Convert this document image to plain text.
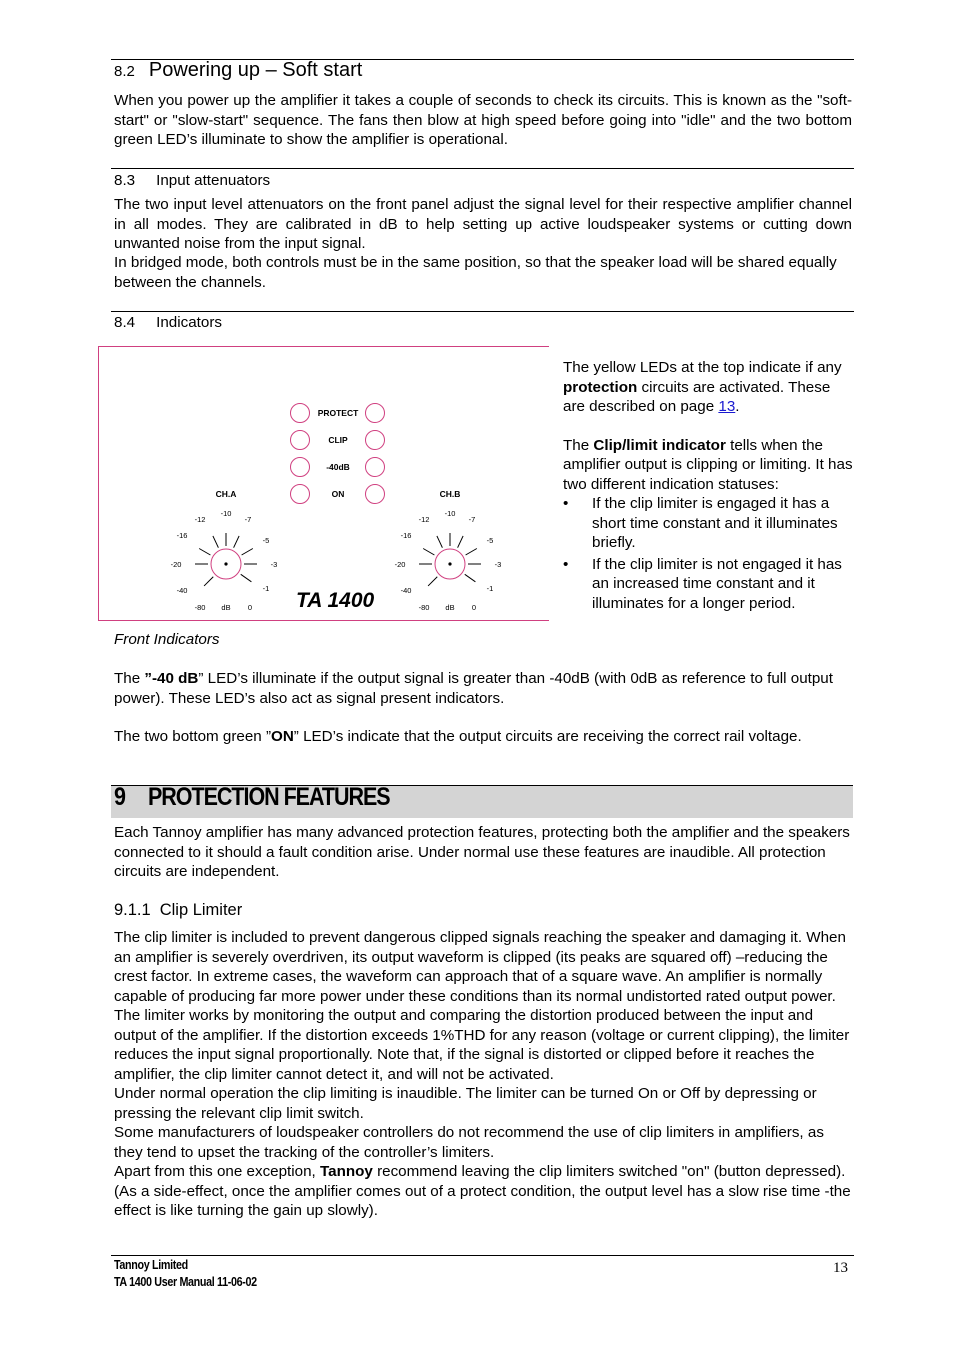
8.2 Powering up – Soft start

When you power up the amplifier it takes a couple of seconds to check its circuits. This is known as the "soft-start" or "slow-start" sequence. The fans then blow at high speed before going into "idle" and the two bottom green LED’s illuminate to show the amplifier is operational.

8.3 Input attenuators

The two input level attenuators on the front panel adjust the signal level for their respective amplifier channel in all modes. They are calibrated in dB to help setting up active loudspeaker systems or cutting down unwanted noise from the input signal.

In bridged mode, both controls must be in the same position, so that the speaker load will be shared equally between the channels.

8.4 Indicators
PROTECT
CLIP
-40dB
ON
CH.A	CH.B
-12
-10
-7
-16
-5
-20	-3
-40	-1
-80 dB 0
-12
-10
-7
-16
-5
-20	-3
-40	-1
-80 dB 0
TA 1400

The yellow LEDs at the top indicate if any protection circuits are activated. These are described on page 13.

The Clip/limit indicator tells when the amplifier output is clipping or limiting. It has two different indication statuses:

• If the clip limiter is engaged it has a short time constant and it illuminates briefly.
• If the clip limiter is not engaged it has an increased time constant and it illuminates for a longer period.
Front Indicators

The ”-40 dB” LED’s illuminate if the output signal is greater than -40dB (with 0dB as reference to full output power). These LED’s also act as signal present indicators.

The two bottom green ”ON” LED’s indicate that the output circuits are receiving the correct rail voltage.

9 PROTECTION FEATURES

Each Tannoy amplifier has many advanced protection features, protecting both the amplifier and the speakers connected to it should a fault condition arise. Under normal use these features are inaudible. All protection circuits are independent.

9.1.1 Clip Limiter
The clip limiter is included to prevent dangerous clipped signals reaching the speaker and damaging it. When an amplifier is severely overdriven, its output waveform is clipped (its peaks are squared off) –reducing the crest factor. In extreme cases, the waveform can approach that of a square wave. An amplifier is normally capable of producing far more power under these conditions than its normal undistorted rated output power.
The limiter works by monitoring the output and comparing the distortion produced between the input and output of the amplifier. If the distortion exceeds 1%THD for any reason (voltage or current clipping), the limiter reduces the input signal proportionally. Note that, if the signal is distorted or clipped before it reaches the amplifier, the clip limiter cannot detect it, and will not be activated.
Under normal operation the clip limiting is inaudible. The limiter can be turned On or Off by depressing or pressing the relevant clip limit switch.
Some manufacturers of loudspeaker controllers do not recommend the use of clip limiters in amplifiers, as they tend to upset the tracking of the controller’s limiters.
Apart from this one exception, Tannoy recommend leaving the clip limiters switched "on" (button depressed). (As a side-effect, once the amplifier comes out of a protect condition, the output level has a slow rise time -the effect is like turning the gain up slowly).
Tannoy Limited
TA 1400 User Manual 11-06-02
13
